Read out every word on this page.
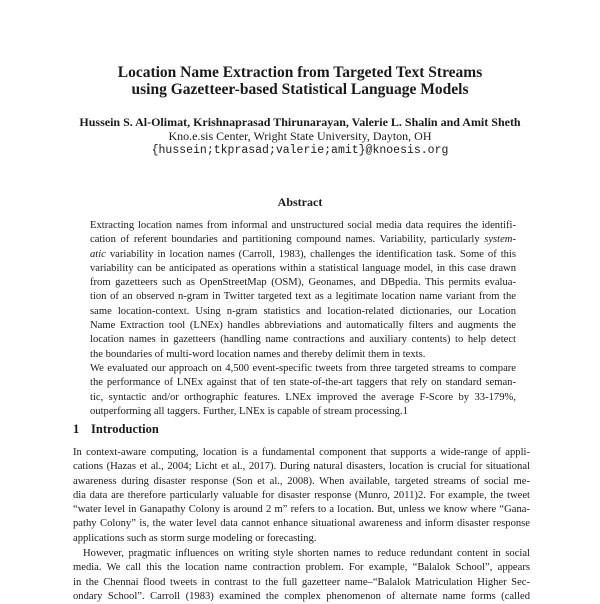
Location Name Extraction from Targeted Text Streams
using Gazetteer-based Statistical Language Models
Hussein S. Al-Olimat, Krishnaprasad Thirunarayan, Valerie L. Shalin and Amit Sheth
Kno.e.sis Center, Wright State University, Dayton, OH
{hussein;tkprasad;valerie;amit}@knoesis.org
Abstract
Extracting location names from informal and unstructured social media data requires the identifi-
cation of referent boundaries and partitioning compound names. Variability, particularly system-
atic variability in location names (Carroll, 1983), challenges the identification task. Some of this
variability can be anticipated as operations within a statistical language model, in this case drawn
from gazetteers such as OpenStreetMap (OSM), Geonames, and DBpedia. This permits evalua-
tion of an observed n-gram in Twitter targeted text as a legitimate location name variant from the
same location-context. Using n-gram statistics and location-related dictionaries, our Location
Name Extraction tool (LNEx) handles abbreviations and automatically filters and augments the
location names in gazetteers (handling name contractions and auxiliary contents) to help detect
the boundaries of multi-word location names and thereby delimit them in texts.
We evaluated our approach on 4,500 event-specific tweets from three targeted streams to compare
the performance of LNEx against that of ten state-of-the-art taggers that rely on standard seman-
tic, syntactic and/or orthographic features. LNEx improved the average F-Score by 33-179%,
outperforming all taggers. Further, LNEx is capable of stream processing.1
1 Introduction
In context-aware computing, location is a fundamental component that supports a wide-range of appli-
cations (Hazas et al., 2004; Licht et al., 2017). During natural disasters, location is crucial for situational
awareness during disaster response (Son et al., 2008). When available, targeted streams of social me-
dia data are therefore particularly valuable for disaster response (Munro, 2011)2. For example, the tweet
“water level in Ganapathy Colony is around 2 m” refers to a location. But, unless we know where “Gana-
pathy Colony” is, the water level data cannot enhance situational awareness and inform disaster response
applications such as storm surge modeling or forecasting.
However, pragmatic influences on writing style shorten names to reduce redundant content in social
media. We call this the location name contraction problem. For example, “Balalok School”, appears
in the Chennai flood tweets in contrast to the full gazetteer name–“Balalok Matriculation Higher Sec-
ondary School”. Carroll (1983) examined the complex phenomenon of alternate name forms (called
